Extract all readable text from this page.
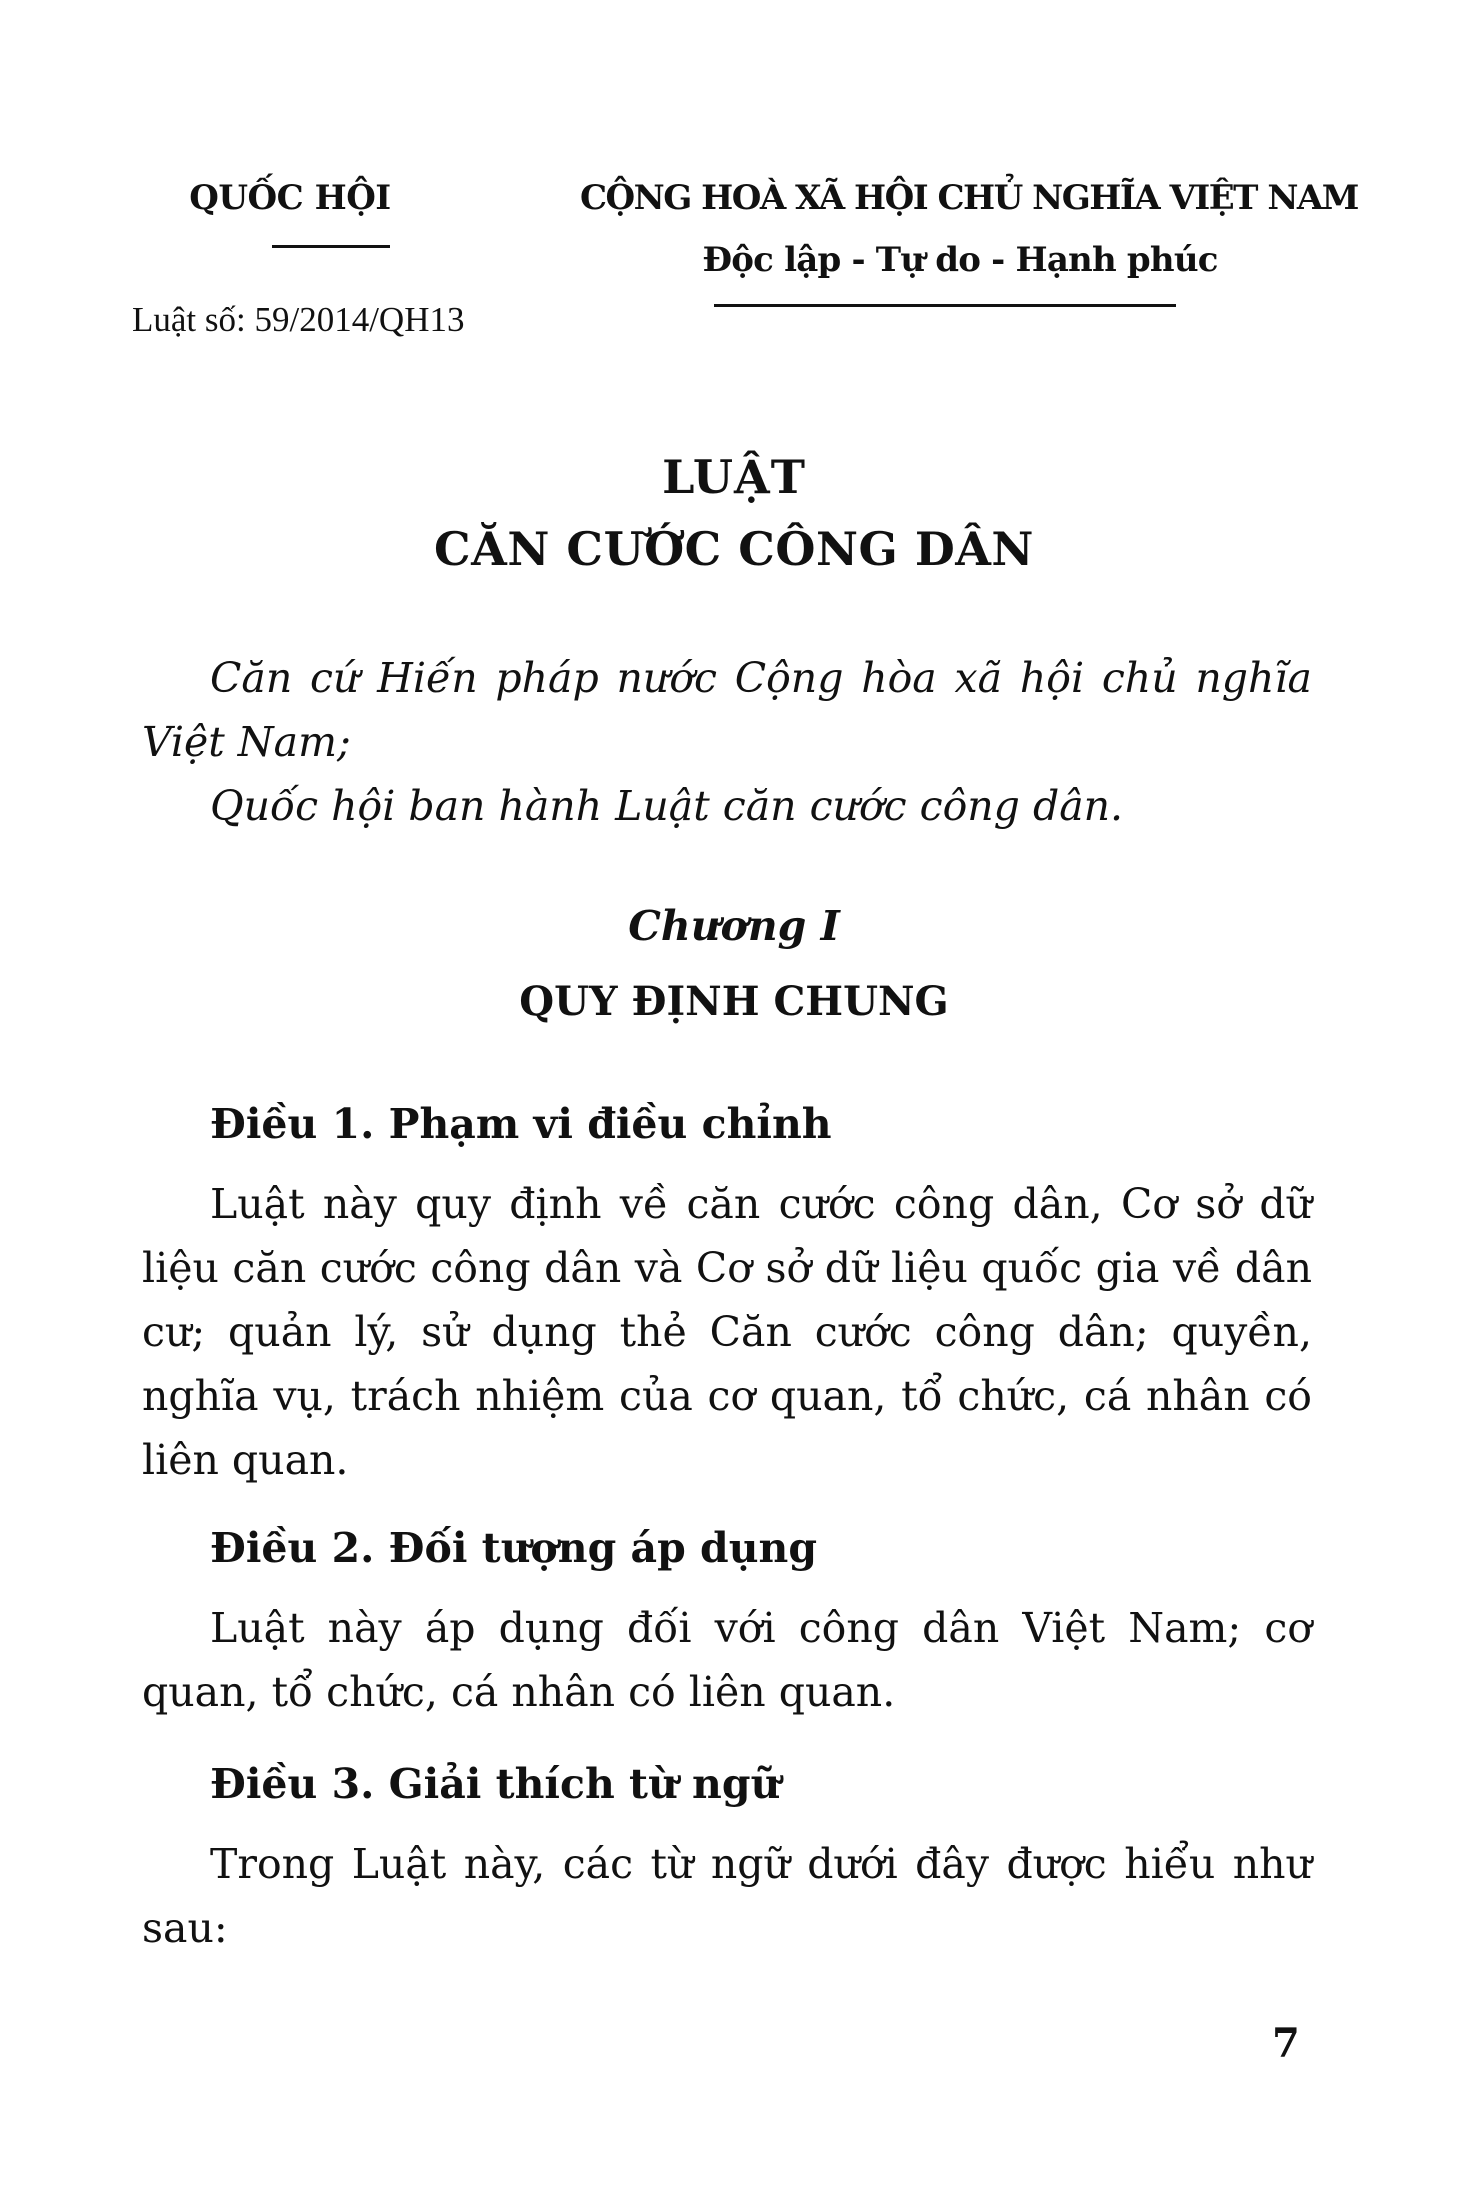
QUỐC HỘI
Luật số: 59/2014/QH13
CỘNG HOÀ XÃ HỘI CHỦ NGHĨA VIỆT NAM
Độc lập - Tự do - Hạnh phúc
LUẬT
CĂN CƯỚC CÔNG DÂN

Căn cứ Hiến pháp nước Cộng hòa xã hội chủ nghĩa Việt Nam;

Quốc hội ban hành Luật căn cước công dân.

Chương I
QUY ĐỊNH CHUNG
Điều 1. Phạm vi điều chỉnh

Luật này quy định về căn cước công dân, Cơ sở dữ liệu căn cước công dân và Cơ sở dữ liệu quốc gia về dân cư; quản lý, sử dụng thẻ Căn cước công dân; quyền, nghĩa vụ, trách nhiệm của cơ quan, tổ chức, cá nhân có liên quan.

Điều 2. Đối tượng áp dụng

Luật này áp dụng đối với công dân Việt Nam; cơ quan, tổ chức, cá nhân có liên quan.

Điều 3. Giải thích từ ngữ

Trong Luật này, các từ ngữ dưới đây được hiểu như sau:

7
